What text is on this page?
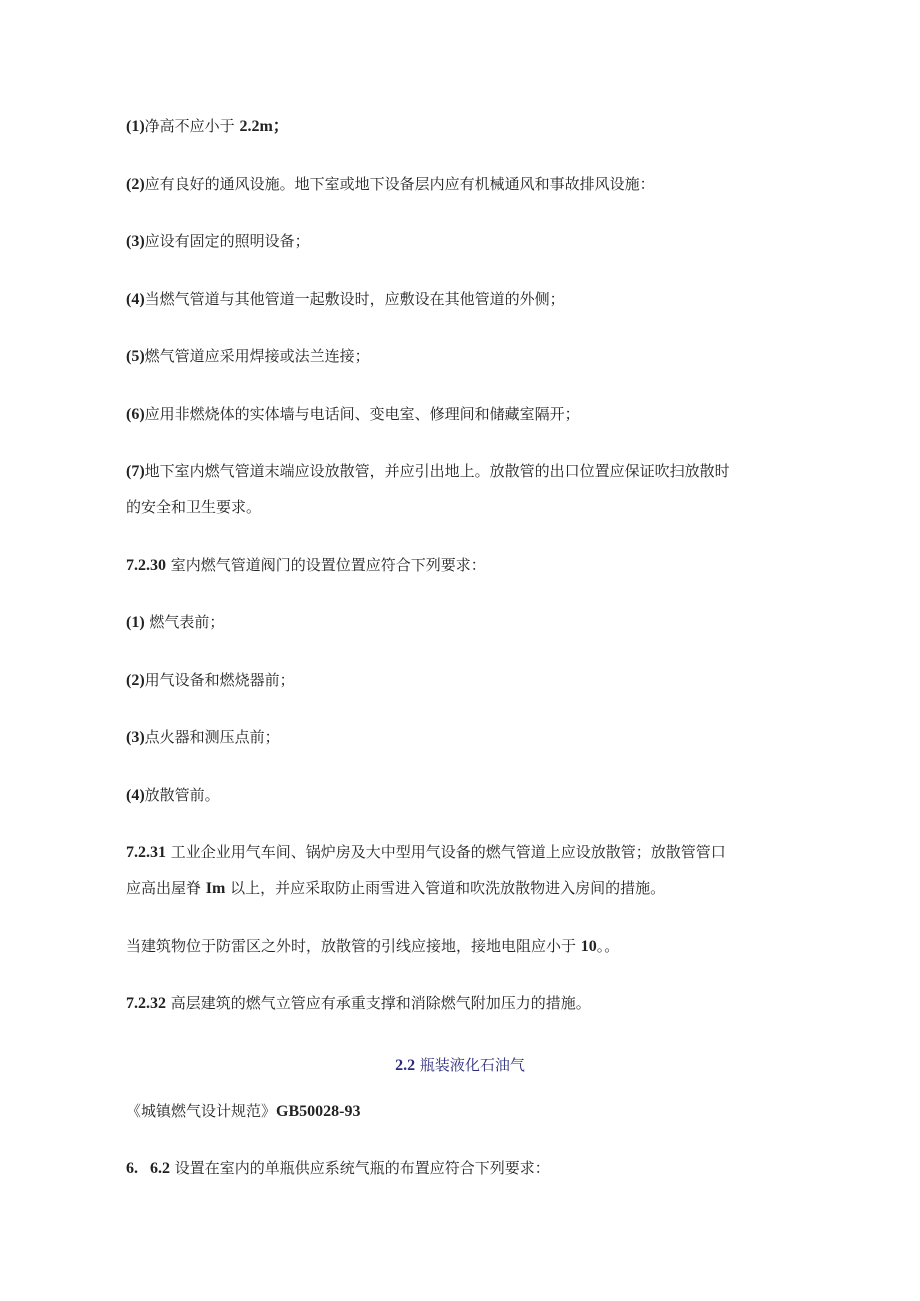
(1)净高不应小于 2.2m；
(2)应有良好的通风设施。地下室或地下设备层内应有机械通风和事故排风设施：
(3)应设有固定的照明设备；
(4)当燃气管道与其他管道一起敷设时，应敷设在其他管道的外侧；
(5)燃气管道应采用焊接或法兰连接；
(6)应用非燃烧体的实体墙与电话间、变电室、修理间和储藏室隔开；
(7)地下室内燃气管道末端应设放散管，并应引出地上。放散管的出口位置应保证吹扫放散时
的安全和卫生要求。
7.2.30 室内燃气管道阀门的设置位置应符合下列要求：
(1) 燃气表前；
(2)用气设备和燃烧器前；
(3)点火器和测压点前；
(4)放散管前。
7.2.31 工业企业用气车间、锅炉房及大中型用气设备的燃气管道上应设放散管；放散管管口
应高出屋脊 Im 以上，并应采取防止雨雪进入管道和吹洗放散物进入房间的措施。
当建筑物位于防雷区之外时，放散管的引线应接地，接地电阻应小于 10。。
7.2.32 高层建筑的燃气立管应有承重支撑和消除燃气附加压力的措施。
2.2 瓶装液化石油气
《城镇燃气设计规范》GB50028-93
6.   6.2 设置在室内的单瓶供应系统气瓶的布置应符合下列要求：
